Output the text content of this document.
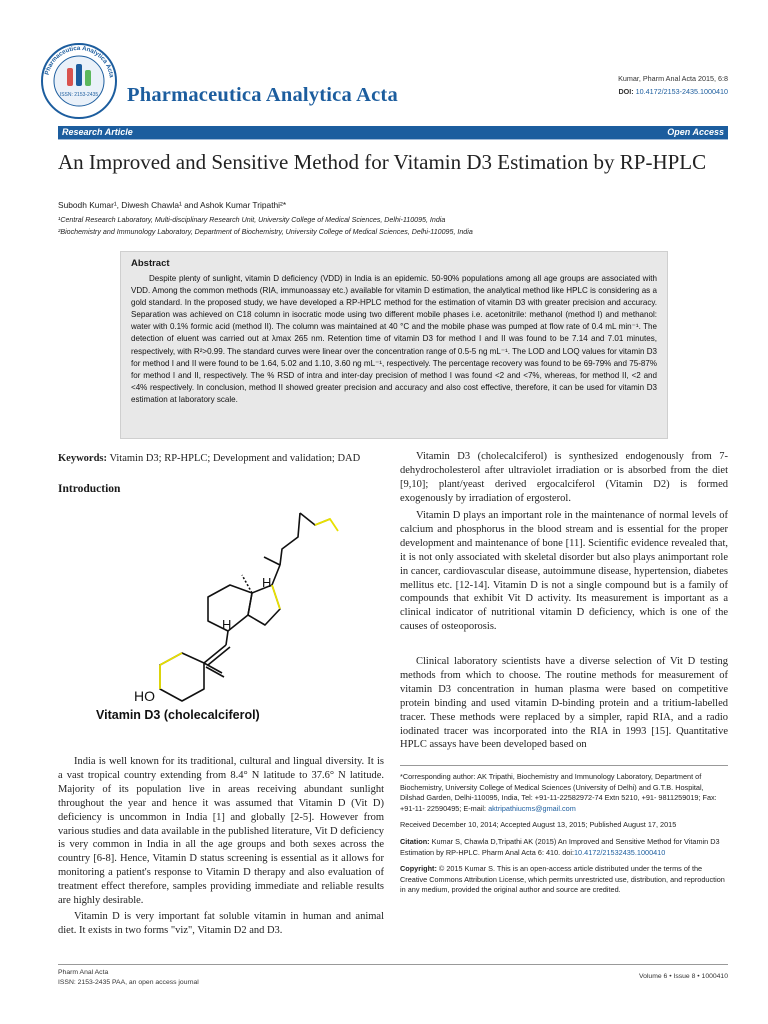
Pharmaceutica Analytica Acta
ISSN: 2153-2435 Pharmaceutica Analytica Acta
Kumar, Pharm Anal Acta 2015, 6:8
DOI: 10.4172/2153-2435.1000410
Research Article	Open Access
An Improved and Sensitive Method for Vitamin D3 Estimation by RP-HPLC
Subodh Kumar¹, Diwesh Chawla¹ and Ashok Kumar Tripathi²*
¹Central Research Laboratory, Multi-disciplinary Research Unit, University College of Medical Sciences, Delhi-110095, India
²Biochemistry and Immunology Laboratory, Department of Biochemistry, University College of Medical Sciences, Delhi-110095, India
Abstract

Despite plenty of sunlight, vitamin D deficiency (VDD) in India is an epidemic. 50-90% populations among all age groups are associated with VDD. Among the common methods (RIA, immunoassay etc.) available for vitamin D estimation, the analytical method like HPLC is considering as a gold standard. In the proposed study, we have developed a RP-HPLC method for the estimation of vitamin D3 with greater precision and accuracy. Separation was achieved on C18 column in isocratic mode using two different mobile phases i.e. acetonitrile: methanol (method I) and methanol: water with 0.1% formic acid (method II). The column was maintained at 40 °C and the mobile phase was pumped at flow rate of 0.4 mL min⁻¹. The detection of eluent was carried out at λmax 265 nm. Retention time of vitamin D3 for method I and II was found to be 7.14 and 7.01 minutes, respectively, with R²>0.99. The standard curves were linear over the concentration range of 0.5-5 ng mL⁻¹. The LOD and LOQ values for vitamin D3 for method I and II were found to be 1.64, 5.02 and 1.10, 3.60 ng mL⁻¹, respectively. The percentage recovery was found to be 69-79% and 75-87% for method I and II, respectively. The % RSD of intra and inter-day precision of method I was found <2 and <7%, whereas, for method II, <2 and <4% respectively. In conclusion, method II showed greater precision and accuracy and also cost effective, therefore, it can be used for vitamin D3 estimation at laboratory scale.

Keywords: Vitamin D3; RP-HPLC; Development and validation; DAD
Introduction
H
H
HO
Vitamin D3 (cholecalciferol)
India is well known for its traditional, cultural and lingual diversity. It is a vast tropical country extending from 8.4° N latitude to 37.6° N latitude. Majority of its population live in areas receiving abundant sunlight throughout the year and hence it was assumed that Vitamin D (Vit D) deficiency is uncommon in India [1] and globally [2-5]. However from various studies and data available in the published literature, Vit D deficiency is very common in India in all the age groups and both sexes across the country [6-8]. Hence, Vitamin D status screening is essential as it allows for monitoring a patient's response to Vitamin D therapy and also evaluation of treatment effect therefore, samples providing immediate and reliable results are highly desirable.
Vitamin D is very important fat soluble vitamin in human and animal diet. It exists in two forms "viz", Vitamin D2 and D3.
Vitamin D3 (cholecalciferol) is synthesized endogenously from 7-dehydrocholesterol after ultraviolet irradiation or is absorbed from the diet [9,10]; plant/yeast derived ergocalciferol (Vitamin D2) is formed exogenously by irradiation of ergosterol.
Vitamin D plays an important role in the maintenance of normal levels of calcium and phosphorus in the blood stream and is essential for the proper development and maintenance of bone [11]. Scientific evidence revealed that, it is not only associated with skeletal disorder but also plays animportant role in cancer, cardiovascular disease, autoimmune disease, hypertension, diabetes mellitus etc. [12-14]. Vitamin D is not a single compound but is a family of compounds that exhibit Vit D activity. Its measurement is important as a clinical indicator of nutritional vitamin D deficiency, which is one of the causes of osteoporosis.
Clinical laboratory scientists have a diverse selection of Vit D testing methods from which to choose. The routine methods for measurement of vitamin D3 concentration in human plasma were based on competitive protein binding and used vitamin D-binding protein and a tritium-labelled tracer. These methods were replaced by a simpler, rapid RIA, and a radio iodinated tracer was incorporated into the RIA in 1993 [15]. Quantitative HPLC assays have been developed based on

*Corresponding author: AK Tripathi, Biochemistry and Immunology Laboratory, Department of Biochemistry, University College of Medical Sciences (University of Delhi) and G.T.B. Hospital, Dilshad Garden, Delhi-110095, India, Tel: +91-11-22582972-74 Extn 5210, +91- 9811259019; Fax: +91-11- 22590495; E-mail: aktripathiucms@gmail.com

Received December 10, 2014; Accepted August 13, 2015; Published August 17, 2015

Citation: Kumar S, Chawla D,Tripathi AK (2015) An Improved and Sensitive Method for Vitamin D3 Estimation by RP-HPLC. Pharm Anal Acta 6: 410. doi:10.4172/21532435.1000410

Copyright: © 2015 Kumar S. This is an open-access article distributed under the terms of the Creative Commons Attribution License, which permits unrestricted use, distribution, and reproduction in any medium, provided the original author and source are credited.

Pharm Anal Acta
ISSN: 2153-2435 PAA, an open access journal
Volume 6 • Issue 8 • 1000410
